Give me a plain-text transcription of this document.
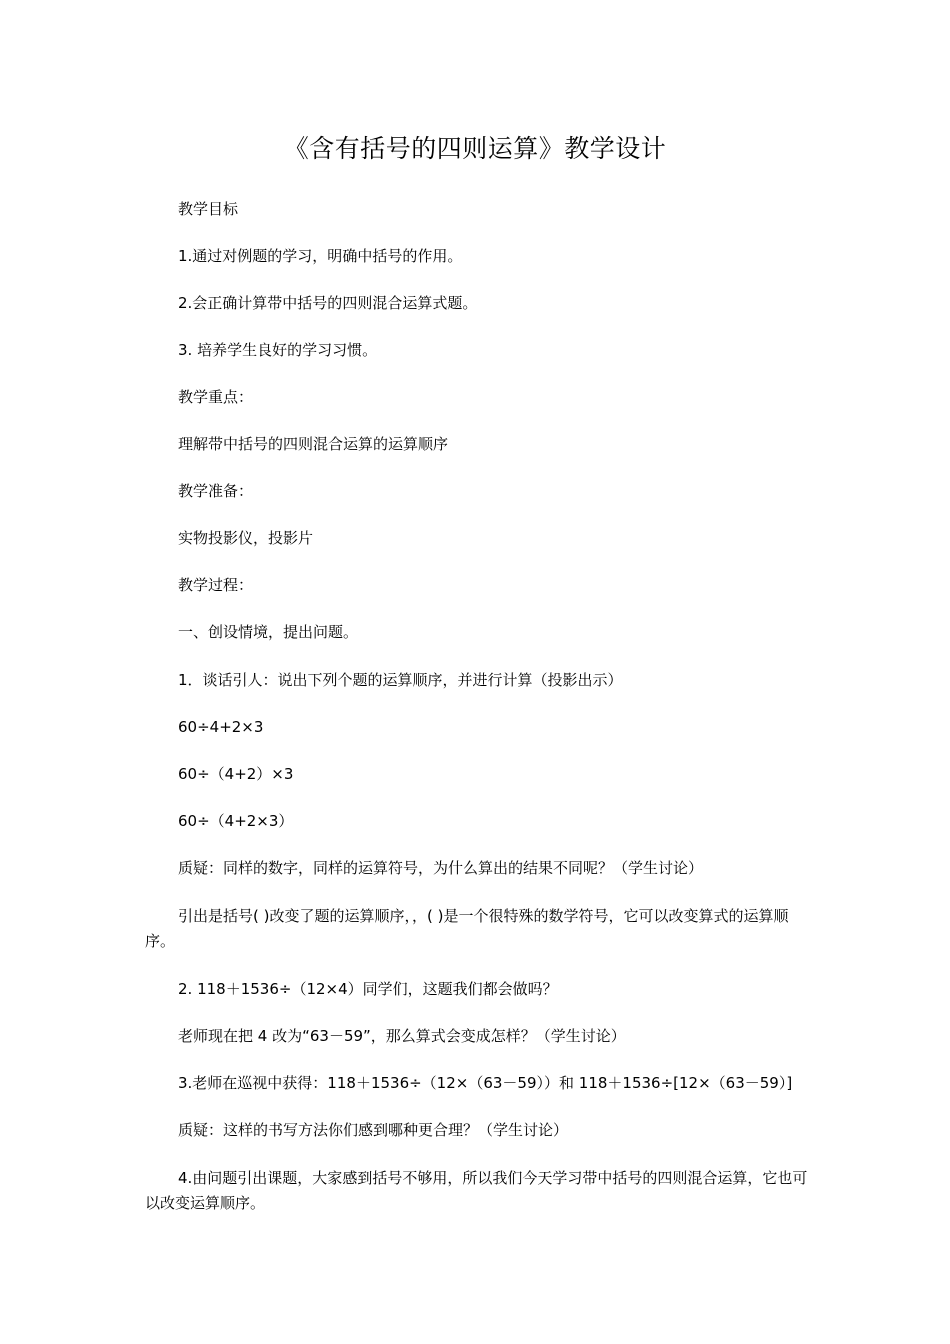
《含有括号的四则运算》教学设计
教学目标
1.通过对例题的学习，明确中括号的作用。
2.会正确计算带中括号的四则混合运算式题。
3. 培养学生良好的学习习惯。
教学重点：
理解带中括号的四则混合运算的运算顺序
教学准备：
实物投影仪，投影片
教学过程：
一、创设情境，提出问题。
1．谈话引人：说出下列个题的运算顺序，并进行计算（投影出示）
60÷4+2×3
60÷（4+2）×3
60÷（4+2×3）
质疑：同样的数字，同样的运算符号，为什么算出的结果不同呢？（学生讨论）
引出是括号( )改变了题的运算顺序，，( )是一个很特殊的数学符号，它可以改变算式的运算顺序。
2. 118＋1536÷（12×4）同学们，这题我们都会做吗？
老师现在把 4 改为“63－59”，那么算式会变成怎样？（学生讨论）
3.老师在巡视中获得：118＋1536÷（12×（63－59））和 118＋1536÷[12×（63－59）]
质疑：这样的书写方法你们感到哪种更合理？（学生讨论）
4.由问题引出课题，大家感到括号不够用，所以我们今天学习带中括号的四则混合运算，它也可以改变运算顺序。
